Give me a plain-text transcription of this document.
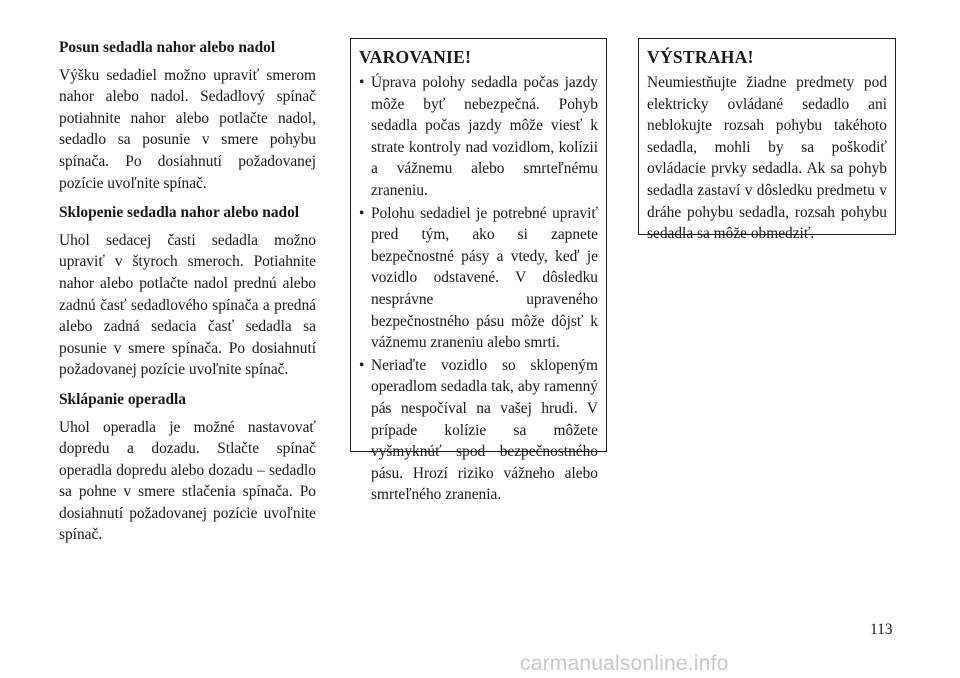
Posun sedadla nahor alebo nadol

Výšku sedadiel možno upraviť smerom nahor alebo nadol. Sedadlový spínač potiahnite nahor alebo potlačte nadol, sedadlo sa posunie v smere pohybu spínača. Po dosiahnutí požadovanej pozície uvoľnite spínač.

Sklopenie sedadla nahor alebo nadol

Uhol sedacej časti sedadla možno upraviť v štyroch smeroch. Potiahnite nahor alebo potlačte nadol prednú alebo zadnú časť sedadlového spínača a predná alebo zadná sedacia časť sedadla sa posunie v smere spínača. Po dosiahnutí požadovanej pozície uvoľnite spínač.

Sklápanie operadla

Uhol operadla je možné nastavovať dopredu a dozadu. Stlačte spínač operadla dopredu alebo dozadu – sedadlo sa pohne v smere stlačenia spínača. Po dosiahnutí požadovanej pozície uvoľnite spínač.

VAROVANIE!
• Úprava polohy sedadla počas jazdy môže byť nebezpečná. Pohyb sedadla počas jazdy môže viesť k strate kontroly nad vozidlom, kolízii a vážnemu alebo smrteľnému zraneniu.
• Polohu sedadiel je potrebné upraviť pred tým, ako si zapnete bezpečnostné pásy a vtedy, keď je vozidlo odstavené. V dôsledku nesprávne upraveného bezpečnostného pásu môže dôjsť k vážnemu zraneniu alebo smrti.
• Neriaďte vozidlo so sklopeným operadlom sedadla tak, aby ramenný pás nespočíval na vašej hrudi. V prípade kolízie sa môžete vyšmyknúť spod bezpečnostného pásu. Hrozí riziko vážneho alebo smrteľného zranenia.
VÝSTRAHA!

Neumiestňujte žiadne predmety pod elektricky ovládané sedadlo ani neblokujte rozsah pohybu takéhoto sedadla, mohli by sa poškodiť ovládacie prvky sedadla. Ak sa pohyb sedadla zastaví v dôsledku predmetu v dráhe pohybu sedadla, rozsah pohybu sedadla sa môže obmedziť.

113
carmanualsonline.info
